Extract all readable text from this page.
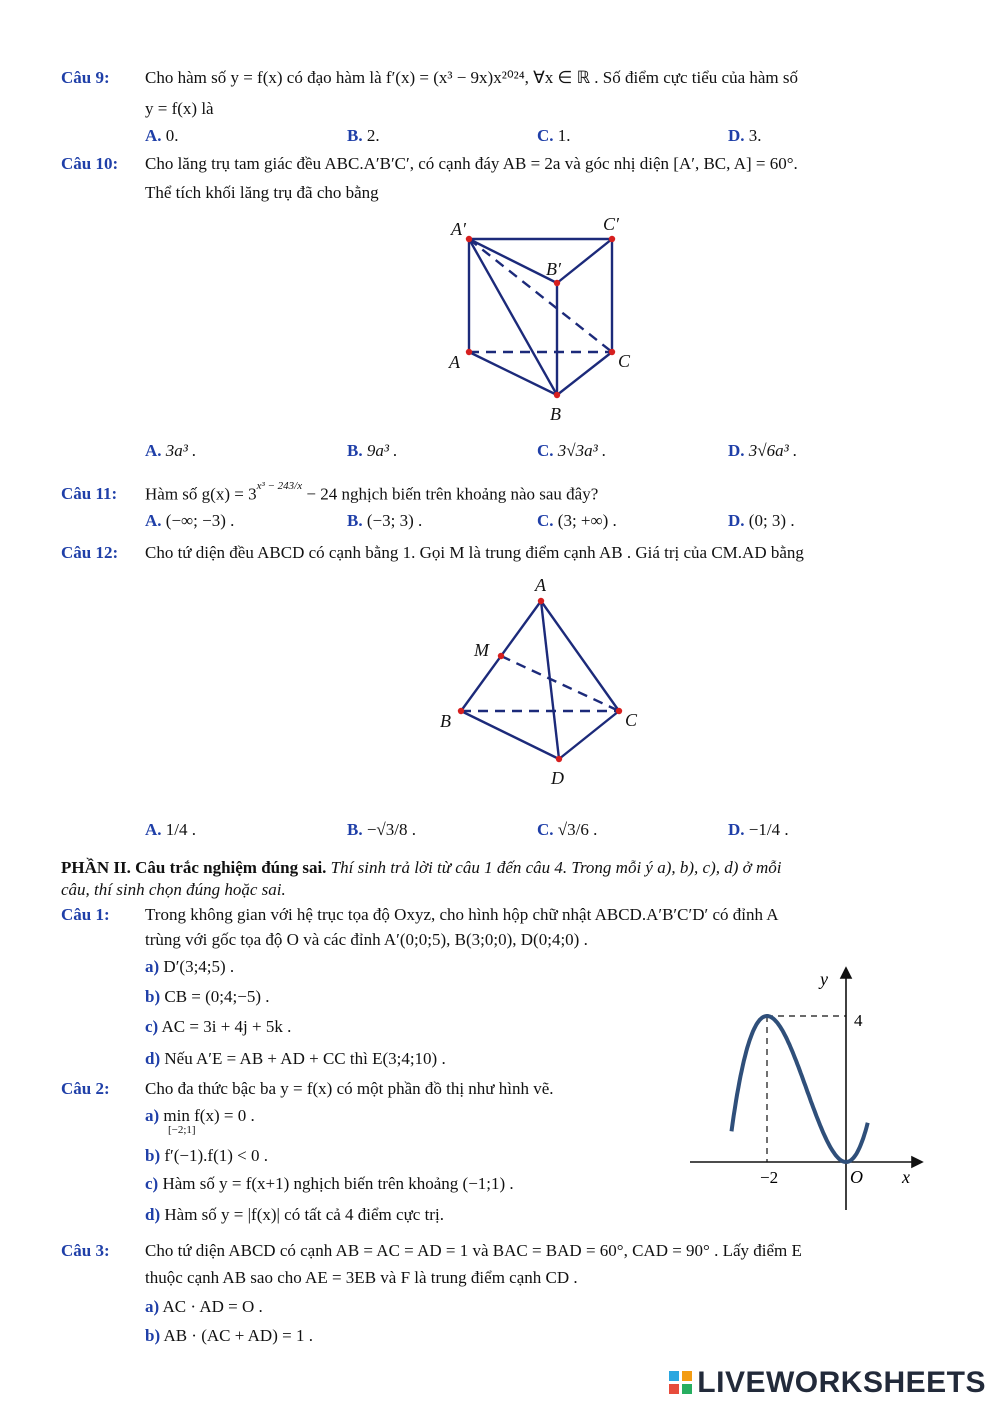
Câu 9: Cho hàm số y = f(x) có đạo hàm là f′(x) = (x³ − 9x)x²⁰²⁴, ∀x ∈ ℝ . Số điểm cực tiểu của hàm số
y = f(x) là
A. 0.	B. 2.	C. 1.	D. 3.
Câu 10: Cho lăng trụ tam giác đều ABC.A′B′C′, có cạnh đáy AB = 2a và góc nhị diện [A′, BC, A] = 60°.
Thể tích khối lăng trụ đã cho bằng
A′	C′
B′
A	C
B
A
M
B	C
D
A. 3a³ .	B. 9a³ .	C. 3√3a³ .	D. 3√6a³ .
Câu 11: Hàm số $g(x) = 3^{x^3 - 243/x} - 24$ nghịch biến trên khoảng nào sau đây?
A. (−∞; −3) .	B. (−3; 3) .	C. (3; +∞) .	D. (0; 3) .
Câu 12: Cho tứ diện đều ABCD có cạnh bằng 1. Gọi M là trung điểm cạnh AB . Giá trị của CM.AD bằng
A. 1/4 .	B. −√3/8 .	C. √3/6 .	D. −1/4 .
PHẦN II. Câu trắc nghiệm đúng sai. Thí sinh trả lời từ câu 1 đến câu 4. Trong mỗi ý a), b), c), d) ở mỗi
câu, thí sinh chọn đúng hoặc sai.
Câu 1: Trong không gian với hệ trục tọa độ Oxyz, cho hình hộp chữ nhật ABCD.A′B′C′D′ có đỉnh A
trùng với gốc tọa độ O và các đỉnh A′(0;0;5), B(3;0;0), D(0;4;0) .
a) D′(3;4;5) .
b) CB = (0;4;−5) .
c) AC = 3i + 4j + 5k .
d) Nếu A′E = AB + AD + CC thì E(3;4;10) .
Câu 2: Cho đa thức bậc ba y = f(x) có một phần đồ thị như hình vẽ.
a) min f(x) = 0 .
[−2;1]
b) f′(−1).f(1) < 0 .
c) Hàm số y = f(x+1) nghịch biến trên khoảng (−1;1) .
d) Hàm số y = |f(x)| có tất cả 4 điểm cực trị.
y
x
O
4
−2
Câu 3: Cho tứ diện ABCD có cạnh AB = AC = AD = 1 và BAC = BAD = 60°, CAD = 90° . Lấy điểm E
thuộc cạnh AB sao cho AE = 3EB và F là trung điểm cạnh CD .
a) AC · AD = O .
b) AB · (AC + AD) = 1 .
LIVEWORKSHEETS
